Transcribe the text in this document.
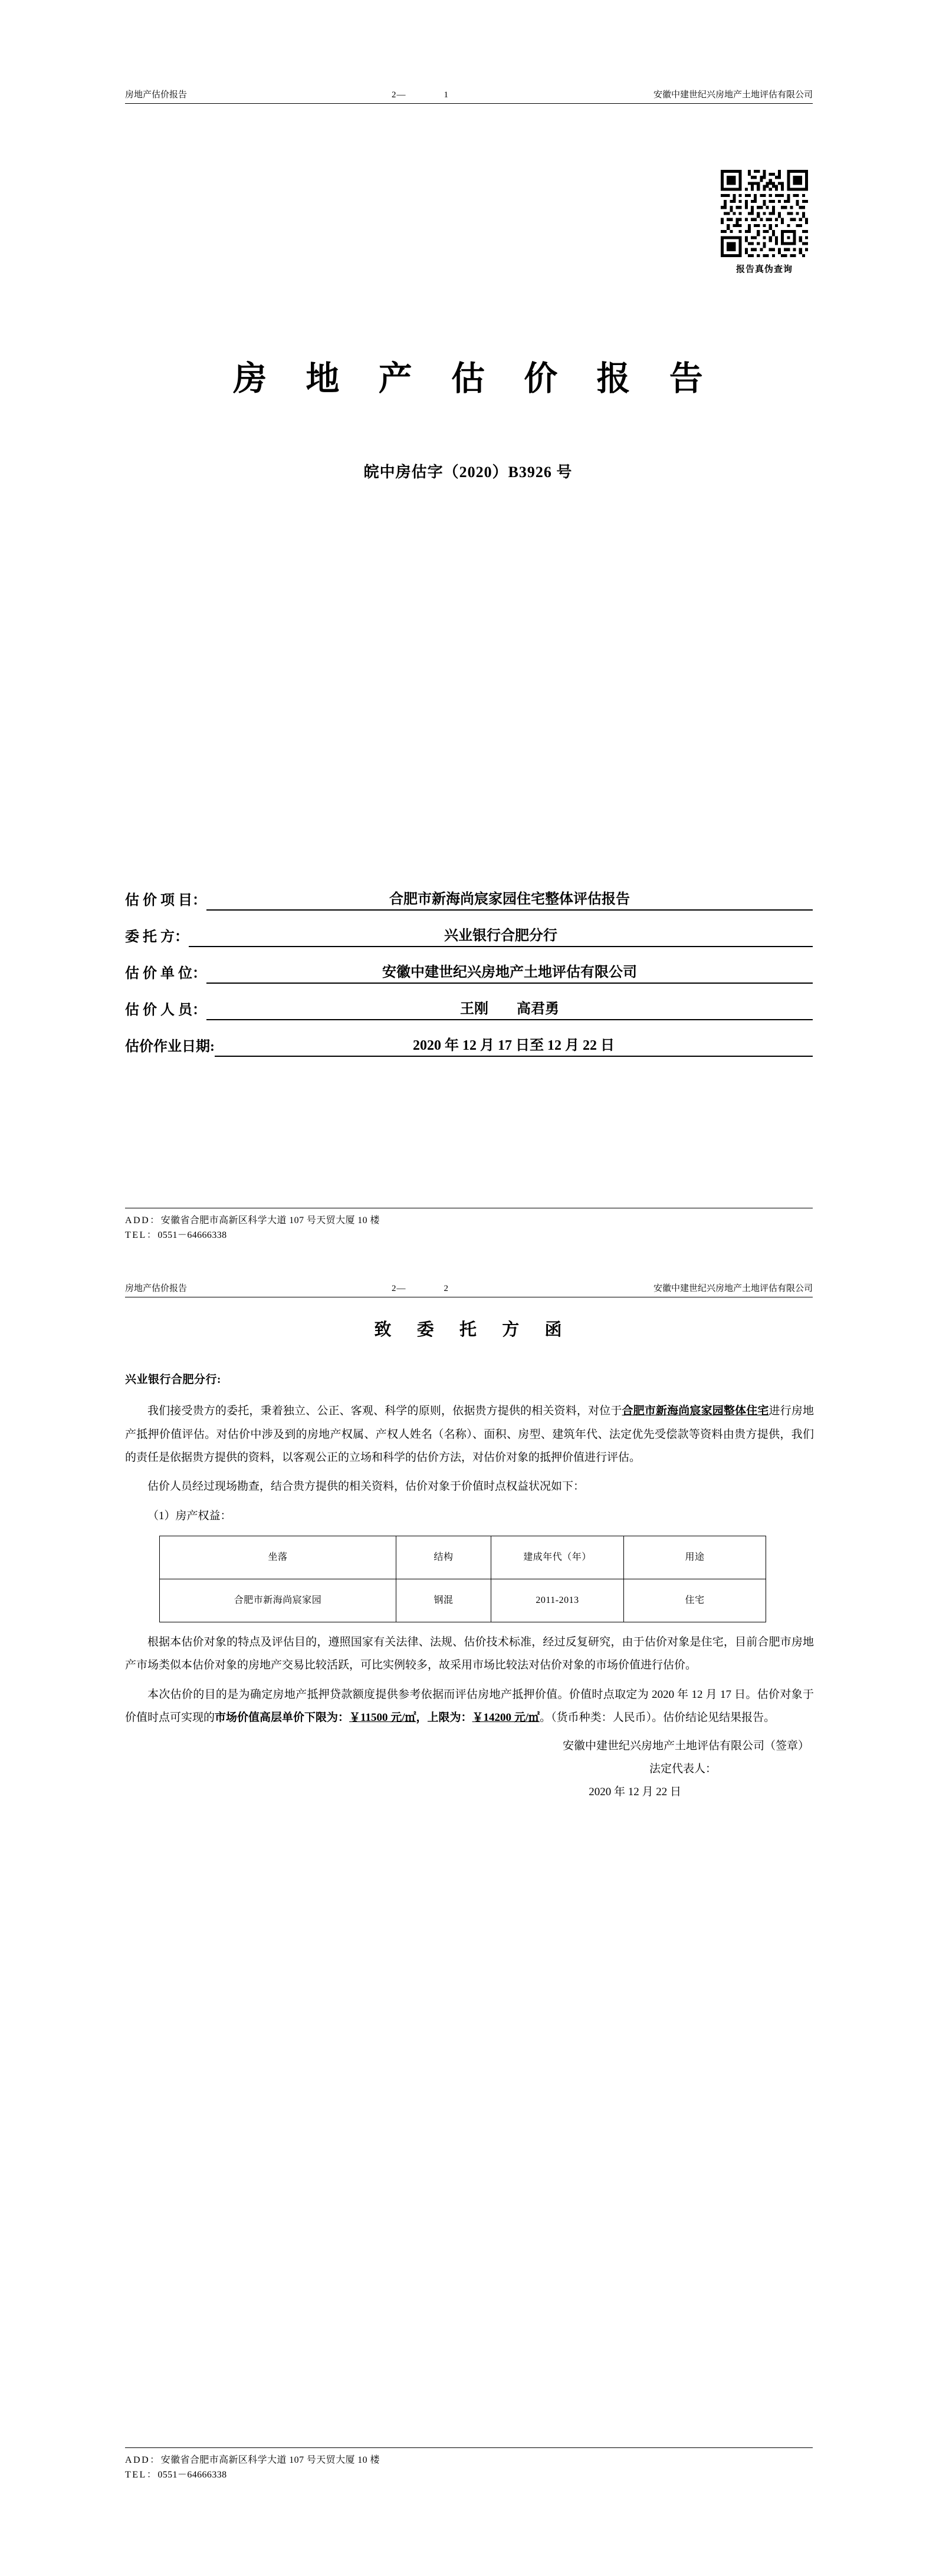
房地产估价报告	2—	1	安徽中建世纪兴房地产土地评估有限公司
报告真伪查询
房 地 产 估 价 报 告
皖中房估字（2020）B3926 号
估 价 项 目：	合肥市新海尚宸家园住宅整体评估报告
委 托 方：	兴业银行合肥分行
估 价 单 位：	安徽中建世纪兴房地产土地评估有限公司
估 价 人 员：	王刚 高君勇
估价作业日期:	2020 年 12 月 17 日至 12 月 22 日
ADD：安徽省合肥市高新区科学大道 107 号天贸大厦 10 楼
TEL：0551－64666338
房地产估价报告	2—	2	安徽中建世纪兴房地产土地评估有限公司
致 委 托 方 函
兴业银行合肥分行:

我们接受贵方的委托，秉着独立、公正、客观、科学的原则，依据贵方提供的相关资料，对位于合肥市新海尚宸家园整体住宅进行房地产抵押价值评估。对估价中涉及到的房地产权属、产权人姓名（名称）、面积、房型、建筑年代、法定优先受偿款等资料由贵方提供，我们的责任是依据贵方提供的资料，以客观公正的立场和科学的估价方法，对估价对象的抵押价值进行评估。

估价人员经过现场勘查，结合贵方提供的相关资料，估价对象于价值时点权益状况如下：

（1）房产权益：

坐落	结构	建成年代（年）	用途
合肥市新海尚宸家园	钢混	2011-2013	住宅

根据本估价对象的特点及评估目的，遵照国家有关法律、法规、估价技术标准，经过反复研究，由于估价对象是住宅，目前合肥市房地产市场类似本估价对象的房地产交易比较活跃，可比实例较多，故采用市场比较法对估价对象的市场价值进行估价。

本次估价的目的是为确定房地产抵押贷款额度提供参考依据而评估房地产抵押价值。价值时点取定为 2020 年 12 月 17 日。估价对象于价值时点可实现的市场价值高层单价下限为：￥11500 元/㎡，上限为：￥14200 元/㎡。（货币种类：人民币）。估价结论见结果报告。

安徽中建世纪兴房地产土地评估有限公司（签章）
法定代表人：
2020 年 12 月 22 日
ADD：安徽省合肥市高新区科学大道 107 号天贸大厦 10 楼
TEL：0551－64666338
